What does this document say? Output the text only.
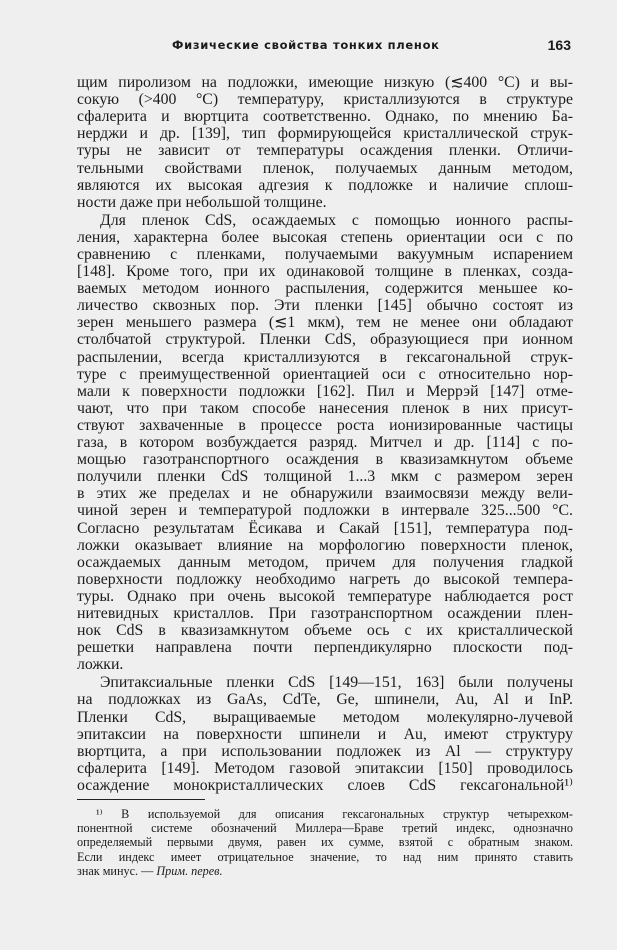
Физические свойства тонких пленок	163
щим пиролизом на подложки, имеющие низкую (≲400 °С) и вы-
сокую (>400 °С) температуру, кристаллизуются в структуре
сфалерита и вюртцита соответственно. Однако, по мнению Ба-
нерджи и др. [139], тип формирующейся кристаллической струк-
туры не зависит от температуры осаждения пленки. Отличи-
тельными свойствами пленок, получаемых данным методом,
являются их высокая адгезия к подложке и наличие сплош-
ности даже при небольшой толщине.
Для пленок CdS, осаждаемых с помощью ионного распы-
ления, характерна более высокая степень ориентации оси c по
сравнению с пленками, получаемыми вакуумным испарением
[148]. Кроме того, при их одинаковой толщине в пленках, созда-
ваемых методом ионного распыления, содержится меньшее ко-
личество сквозных пор. Эти пленки [145] обычно состоят из
зерен меньшего размера (≲1 мкм), тем не менее они обладают
столбчатой структурой. Пленки CdS, образующиеся при ионном
распылении, всегда кристаллизуются в гексагональной струк-
туре с преимущественной ориентацией оси c относительно нор-
мали к поверхности подложки [162]. Пил и Меррэй [147] отме-
чают, что при таком способе нанесения пленок в них присут-
ствуют захваченные в процессе роста ионизированные частицы
газа, в котором возбуждается разряд. Митчел и др. [114] с по-
мощью газотранспортного осаждения в квазизамкнутом объеме
получили пленки CdS толщиной 1...3 мкм с размером зерен
в этих же пределах и не обнаружили взаимосвязи между вели-
чиной зерен и температурой подложки в интервале 325...500 °С.
Согласно результатам Ёсикава и Сакай [151], температура под-
ложки оказывает влияние на морфологию поверхности пленок,
осаждаемых данным методом, причем для получения гладкой
поверхности подложку необходимо нагреть до высокой темпера-
туры. Однако при очень высокой температуре наблюдается рост
нитевидных кристаллов. При газотранспортном осаждении плен-
нок CdS в квазизамкнутом объеме ось c их кристаллической
решетки направлена почти перпендикулярно плоскости под-
ложки.
Эпитаксиальные пленки CdS [149—151, 163] были получены
на подложках из GaAs, CdTe, Ge, шпинели, Au, Al и InP.
Пленки CdS, выращиваемые методом молекулярно-лучевой
эпитаксии на поверхности шпинели и Au, имеют структуру
вюртцита, а при использовании подложек из Al — структуру
сфалерита [149]. Методом газовой эпитаксии [150] проводилось
осаждение монокристаллических слоев CdS гексагональной¹⁾
¹⁾ В используемой для описания гексагональных структур четырехком-
понентной системе обозначений Миллера—Браве третий индекс, однозначно
определяемый первыми двумя, равен их сумме, взятой с обратным знаком.
Если индекс имеет отрицательное значение, то над ним принято ставить
знак минус. — Прим. перев.
